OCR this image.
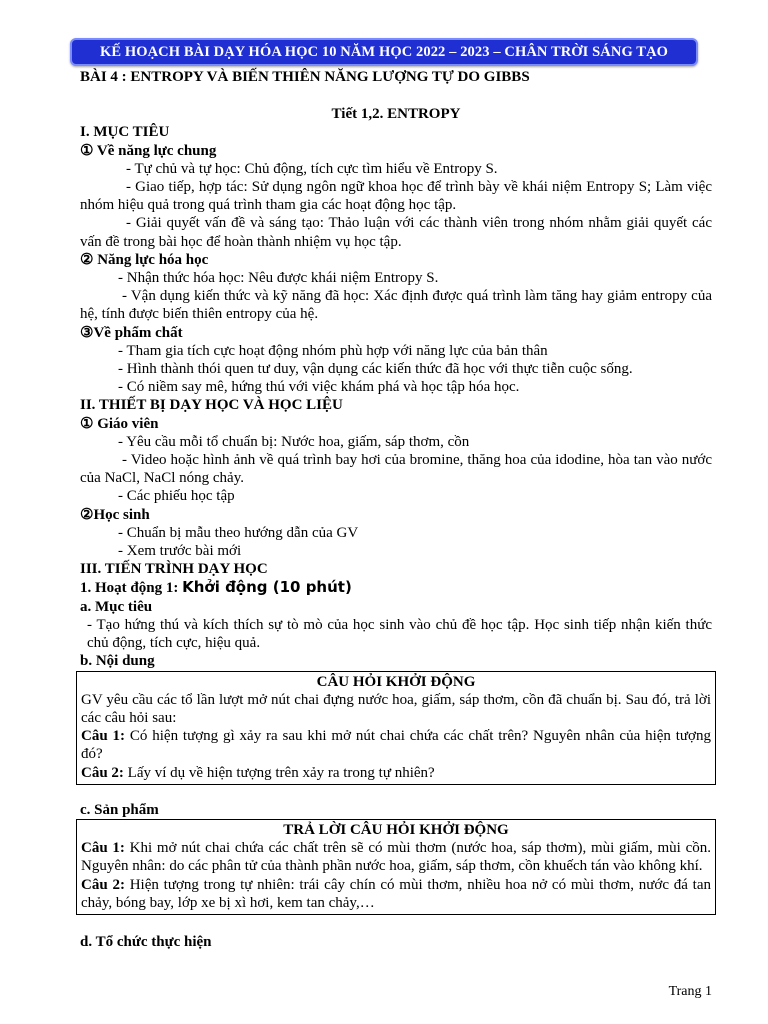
KẾ HOẠCH BÀI DẠY HÓA HỌC 10 NĂM HỌC 2022 – 2023 – CHÂN TRỜI SÁNG TẠO

BÀI 4 : ENTROPY VÀ BIẾN THIÊN NĂNG LƯỢNG TỰ DO GIBBS

Tiết 1,2. ENTROPY

I. MỤC TIÊU

① Về năng lực chung

- Tự chủ và tự học: Chủ động, tích cực tìm hiểu về Entropy S.

- Giao tiếp, hợp tác: Sử dụng ngôn ngữ khoa học để trình bày về khái niệm Entropy S; Làm việc nhóm hiệu quả trong quá trình tham gia các hoạt động học tập.

- Giải quyết vấn đề và sáng tạo: Thảo luận với các thành viên trong nhóm nhằm giải quyết các vấn đề trong bài học để hoàn thành nhiệm vụ học tập.

② Năng lực hóa học

- Nhận thức hóa học: Nêu được khái niệm Entropy S.

- Vận dụng kiến thức và kỹ năng đã học: Xác định được quá trình làm tăng hay giảm entropy của hệ, tính được biến thiên entropy của hệ.

③Về phẩm chất

- Tham gia tích cực hoạt động nhóm phù hợp với năng lực của bản thân

- Hình thành thói quen tư duy, vận dụng các kiến thức đã học với thực tiễn cuộc sống.

- Có niềm say mê, hứng thú với việc khám phá và học tập hóa học.

II. THIẾT BỊ DẠY HỌC VÀ HỌC LIỆU

① Giáo viên

- Yêu cầu mỗi tổ chuẩn bị: Nước hoa, giấm, sáp thơm, cồn

- Video hoặc hình ảnh về quá trình bay hơi của bromine, thăng hoa của idodine, hòa tan vào nước của NaCl, NaCl nóng chảy.

- Các phiếu học tập

②Học sinh

- Chuẩn bị mẫu theo hướng dẫn của GV

- Xem trước bài mới

III. TIẾN TRÌNH DẠY HỌC

1. Hoạt động 1: Khởi động (10 phút)

a. Mục tiêu

- Tạo hứng thú và kích thích sự tò mò của học sinh vào chủ đề học tập. Học sinh tiếp nhận kiến thức chủ động, tích cực, hiệu quả.

b. Nội dung

CÂU HỎI KHỞI ĐỘNG

GV yêu cầu các tổ lần lượt mở nút chai đựng nước hoa, giấm, sáp thơm, cồn đã chuẩn bị. Sau đó, trả lời các câu hỏi sau:

Câu 1: Có hiện tượng gì xảy ra sau khi mở nút chai chứa các chất trên? Nguyên nhân của hiện tượng đó?

Câu 2: Lấy ví dụ về hiện tượng trên xảy ra trong tự nhiên?

c. Sản phẩm

TRẢ LỜI CÂU HỎI KHỞI ĐỘNG

Câu 1: Khi mở nút chai chứa các chất trên sẽ có mùi thơm (nước hoa, sáp thơm), mùi giấm, mùi cồn. Nguyên nhân: do các phân tử của thành phần nước hoa, giấm, sáp thơm, cồn khuếch tán vào không khí.

Câu 2: Hiện tượng trong tự nhiên: trái cây chín có mùi thơm, nhiều hoa nở có mùi thơm, nước đá tan chảy, bóng bay, lớp xe bị xì hơi, kem tan chảy,…

d. Tổ chức thực hiện

Trang 1
